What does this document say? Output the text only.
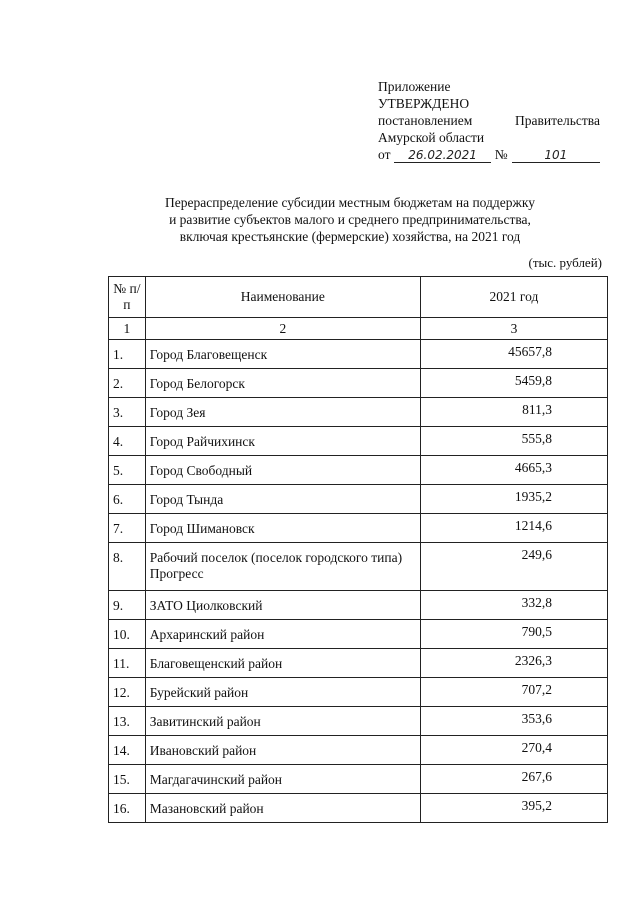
Приложение
УТВЕРЖДЕНО
постановлением	Правительства
Амурской области
от	26.02.2021	№	101
Перераспределение субсидии местным бюджетам на поддержку
и развитие субъектов малого и среднего предпринимательства,
включая крестьянские (фермерские) хозяйства, на 2021 год
(тыс. рублей)
№ п/п	Наименование	2021 год
1	2	3
1.	Город Благовещенск	45657,8
2.	Город Белогорск	5459,8
3.	Город Зея	811,3
4.	Город Райчихинск	555,8
5.	Город Свободный	4665,3
6.	Город Тында	1935,2
7.	Город Шимановск	1214,6
8.	Рабочий поселок (поселок городского типа) Прогресс	249,6
9.	ЗАТО Циолковский	332,8
10.	Архаринский район	790,5
11.	Благовещенский район	2326,3
12.	Бурейский район	707,2
13.	Завитинский район	353,6
14.	Ивановский район	270,4
15.	Магдагачинский район	267,6
16.	Мазановский район	395,2
